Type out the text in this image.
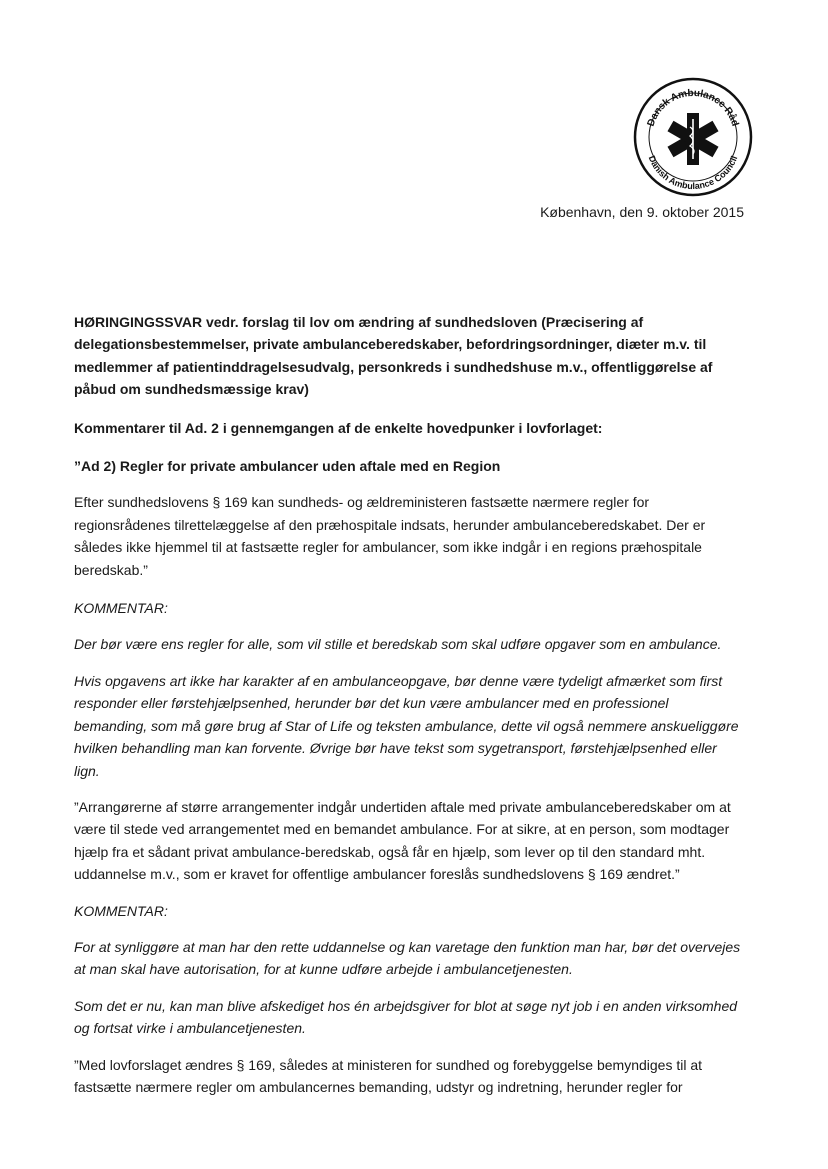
Dansk Ambulance Råd
Danish Ambulance Council
København, den 9. oktober 2015

HØRINGINGSSVAR vedr. forslag til lov om ændring af sundhedsloven (Præcisering af delegationsbestemmelser, private ambulanceberedskaber, befordringsordninger, diæter m.v. til medlemmer af patientinddragelsesudvalg, personkreds i sundhedshuse m.v., offentliggørelse af påbud om sundhedsmæssige krav)

Kommentarer til Ad. 2 i gennemgangen af de enkelte hovedpunker i lovforlaget:

”Ad 2) Regler for private ambulancer uden aftale med en Region

Efter sundhedslovens § 169 kan sundheds- og ældreministeren fastsætte nærmere regler for regionsrådenes tilrettelæggelse af den præhospitale indsats, herunder ambulanceberedskabet. Der er således ikke hjemmel til at fastsætte regler for ambulancer, som ikke indgår i en regions præhospitale beredskab.”

KOMMENTAR:

Der bør være ens regler for alle, som vil stille et beredskab som skal udføre opgaver som en ambulance.

Hvis opgavens art ikke har karakter af en ambulanceopgave, bør denne være tydeligt afmærket som first responder eller førstehjælpsenhed, herunder bør det kun være ambulancer med en professionel bemanding, som må gøre brug af Star of Life og teksten ambulance, dette vil også nemmere anskueliggøre hvilken behandling man kan forvente. Øvrige bør have tekst som sygetransport, førstehjælpsenhed eller lign.

”Arrangørerne af større arrangementer indgår undertiden aftale med private ambulanceberedskaber om at være til stede ved arrangementet med en bemandet ambulance. For at sikre, at en person, som modtager hjælp fra et sådant privat ambulance-beredskab, også får en hjælp, som lever op til den standard mht. uddannelse m.v., som er kravet for offentlige ambulancer foreslås sundhedslovens § 169 ændret.”

KOMMENTAR:

For at synliggøre at man har den rette uddannelse og kan varetage den funktion man har, bør det overvejes at man skal have autorisation, for at kunne udføre arbejde i ambulancetjenesten.

Som det er nu, kan man blive afskediget hos én arbejdsgiver for blot at søge nyt job i en anden virksomhed og fortsat virke i ambulancetjenesten.

”Med lovforslaget ændres § 169, således at ministeren for sundhed og forebyggelse bemyndiges til at fastsætte nærmere regler om ambulancernes bemanding, udstyr og indretning, herunder regler for
